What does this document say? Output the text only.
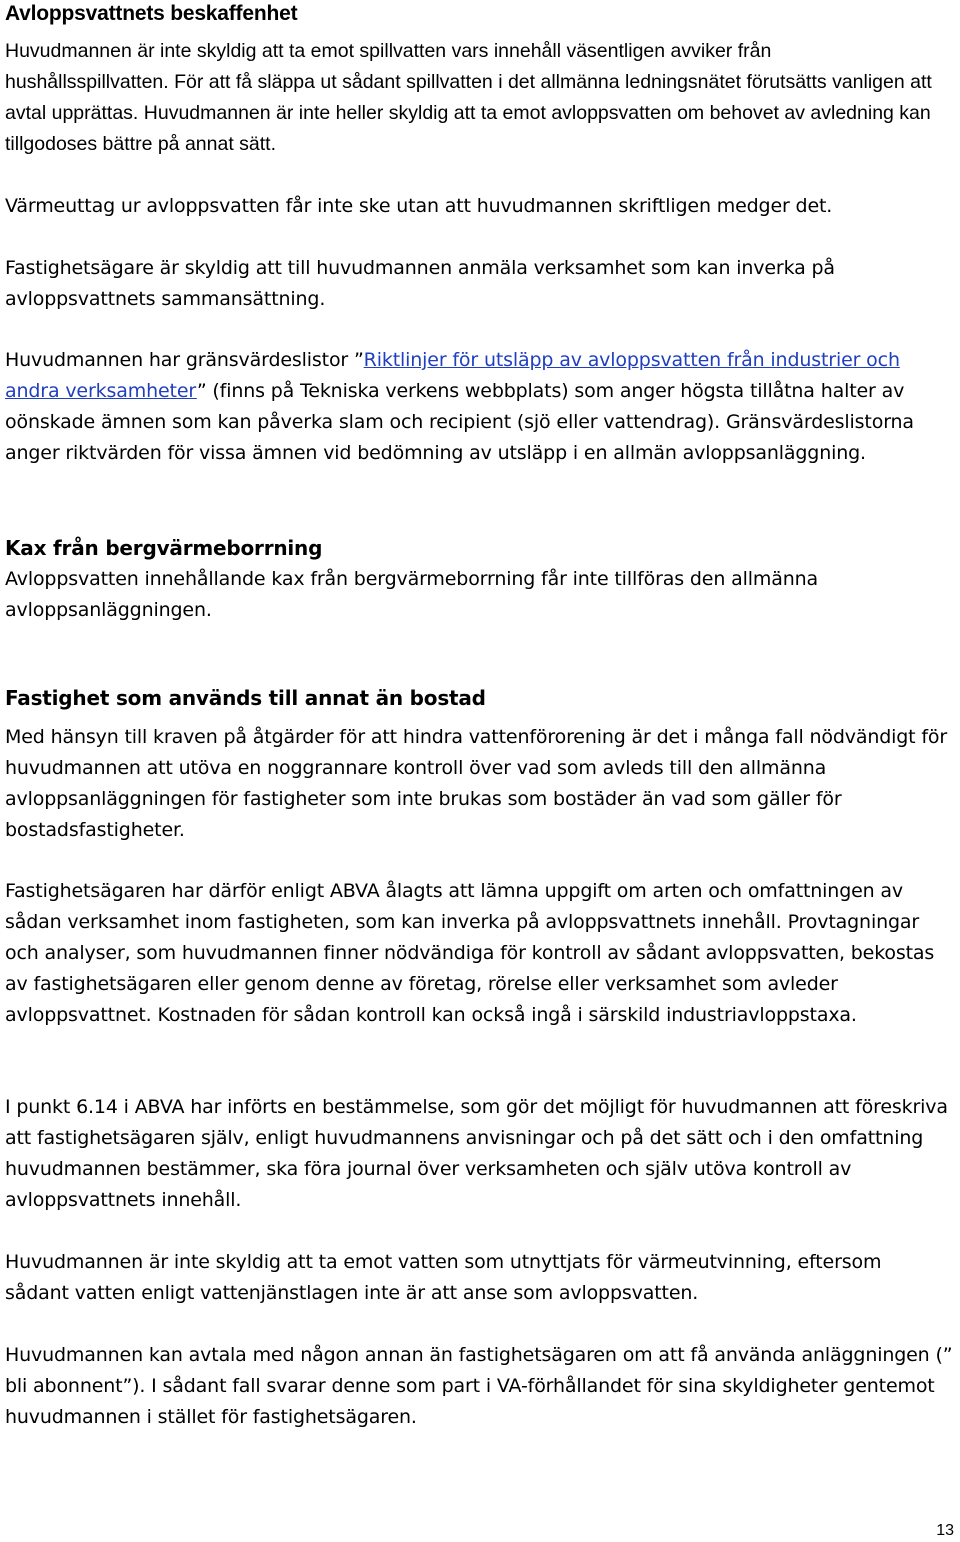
Avloppsvattnets beskaffenhet

Huvudmannen är inte skyldig att ta emot spillvatten vars innehåll väsentligen avviker från hushållsspillvatten. För att få släppa ut sådant spillvatten i det allmänna ledningsnätet förutsätts vanligen att avtal upprättas. Huvudmannen är inte heller skyldig att ta emot avloppsvatten om behovet av avledning kan tillgodoses bättre på annat sätt.

Värmeuttag ur avloppsvatten får inte ske utan att huvudmannen skriftligen medger det.

Fastighetsägare är skyldig att till huvudmannen anmäla verksamhet som kan inverka på avloppsvattnets sammansättning.

Huvudmannen har gränsvärdeslistor ”Riktlinjer för utsläpp av avloppsvatten från industrier och andra verksamheter” (finns på Tekniska verkens webbplats) som anger högsta tillåtna halter av oönskade ämnen som kan påverka slam och recipient (sjö eller vattendrag). Gränsvärdeslistorna anger riktvärden för vissa ämnen vid bedömning av utsläpp i en allmän avloppsanläggning.

Kax från bergvärmeborrning

Avloppsvatten innehållande kax från bergvärmeborrning får inte tillföras den allmänna avloppsanläggningen.

Fastighet som används till annat än bostad

Med hänsyn till kraven på åtgärder för att hindra vattenförorening är det i många fall nödvändigt för huvudmannen att utöva en noggrannare kontroll över vad som avleds till den allmänna avloppsanläggningen för fastigheter som inte brukas som bostäder än vad som gäller för bostadsfastigheter.

Fastighetsägaren har därför enligt ABVA ålagts att lämna uppgift om arten och omfattningen av sådan verksamhet inom fastigheten, som kan inverka på avloppsvattnets innehåll. Provtagningar och analyser, som huvudmannen finner nödvändiga för kontroll av sådant avloppsvatten, bekostas av fastighetsägaren eller genom denne av företag, rörelse eller verksamhet som avleder avloppsvattnet. Kostnaden för sådan kontroll kan också ingå i särskild industriavloppstaxa.

I punkt 6.14 i ABVA har införts en bestämmelse, som gör det möjligt för huvudmannen att föreskriva att fastighetsägaren själv, enligt huvudmannens anvisningar och på det sätt och i den omfattning huvudmannen bestämmer, ska föra journal över verksamheten och själv utöva kontroll av avloppsvattnets innehåll.

Huvudmannen är inte skyldig att ta emot vatten som utnyttjats för värmeutvinning, eftersom sådant vatten enligt vattenjänstlagen inte är att anse som avloppsvatten.

Huvudmannen kan avtala med någon annan än fastighetsägaren om att få använda anläggningen (” bli abonnent”). I sådant fall svarar denne som part i VA-förhållandet för sina skyldigheter gentemot huvudmannen i stället för fastighetsägaren.

13
